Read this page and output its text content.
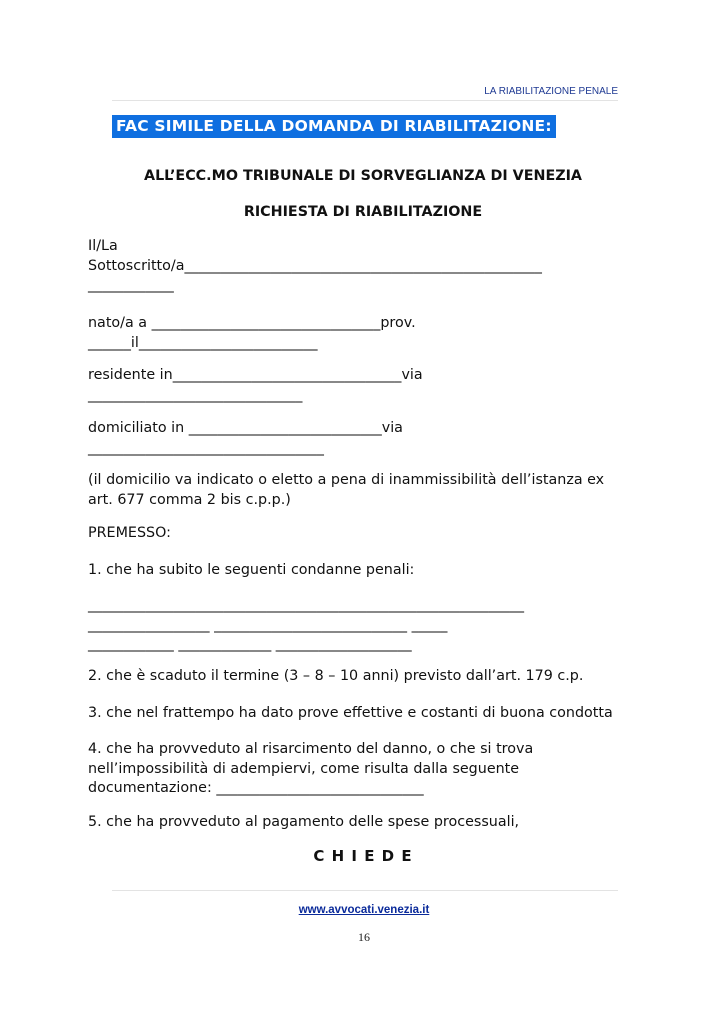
LA RIABILITAZIONE PENALE
FAC SIMILE DELLA DOMANDA DI RIABILITAZIONE:
ALL’ECC.MO TRIBUNALE DI SORVEGLIANZA DI VENEZIA
RICHIESTA DI RIABILITAZIONE
Il/La
Sottoscritto/a__________________________________________________
____________
nato/a a ________________________________prov.
______il_________________________
residente in________________________________via
______________________________
domiciliato in ___________________________via
_________________________________
(il domicilio va indicato o eletto a pena di inammissibilità dell’istanza ex
art. 677 comma 2 bis c.p.p.)
PREMESSO:
1. che ha subito le seguenti condanne penali:
_____________________________________________________________
_________________ ___________________________ _____
____________ _____________ ___________________
2. che è scaduto il termine (3 – 8 – 10 anni) previsto dall’art. 179 c.p.
3. che nel frattempo ha dato prove effettive e costanti di buona condotta
4. che ha provveduto al risarcimento del danno, o che si trova
nell’impossibilità di adempiervi, come risulta dalla seguente
documentazione: _____________________________
5. che ha provveduto al pagamento delle spese processuali,
C H I E D E
www.avvocati.venezia.it
16
